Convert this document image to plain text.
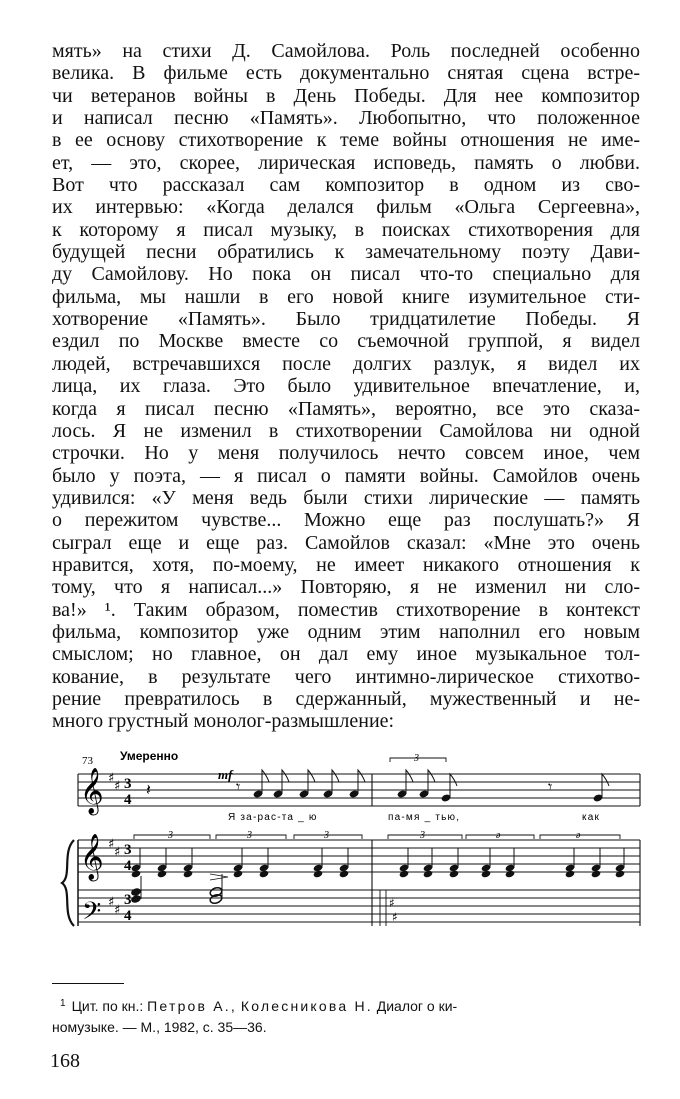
мять» на стихи Д. Самойлова. Роль последней особенно
велика. В фильме есть документально снятая сцена встре-
чи ветеранов войны в День Победы. Для нее композитор
и написал песню «Память». Любопытно, что положенное
в ее основу стихотворение к теме войны отношения не име-
ет, — это, скорее, лирическая исповедь, память о любви.
Вот что рассказал сам композитор в одном из сво-
их интервью: «Когда делался фильм «Ольга Сергеевна»,
к которому я писал музыку, в поисках стихотворения для
будущей песни обратились к замечательному поэту Дави-
ду Самойлову. Но пока он писал что-то специально для
фильма, мы нашли в его новой книге изумительное сти-
хотворение «Память». Было тридцатилетие Победы. Я
ездил по Москве вместе со съемочной группой, я видел
людей, встречавшихся после долгих разлук, я видел их
лица, их глаза. Это было удивительное впечатление, и,
когда я писал песню «Память», вероятно, все это сказа-
лось. Я не изменил в стихотворении Самойлова ни одной
строчки. Но у меня получилось нечто совсем иное, чем
было у поэта, — я писал о памяти войны. Самойлов очень
удивился: «У меня ведь были стихи лирические — память
о пережитом чувстве... Можно еще раз послушать?» Я
сыграл еще и еще раз. Самойлов сказал: «Мне это очень
нравится, хотя, по-моему, не имеет никакого отношения к
тому, что я написал...» Повторяю, я не изменил ни сло-
ва!» ¹. Таким образом, поместив стихотворение в контекст
фильма, композитор уже одним этим наполнил его новым
смыслом; но главное, он дал ему иное музыкальное тол-
кование, в результате чего интимно-лирическое стихотво-
рение превратилось в сдержанный, мужественный и не-
много грустный монолог-размышление:
73 Умеренно
mf
𝄞
𝄞
𝄢
♯
♯
♯
♯
♯
♯
3
4
3
4
3
4
𝄽	𝄾	𝄾
3
Я за-рас-та _ ю	па-мя _ тью,	как
3	3	3	3	ə	ə
♯
♯
$^1$ Цит. по кн.: Петров А., Колесникова Н. Диалог о ки-
номузыке. — М., 1982, с. 35—36.
168
